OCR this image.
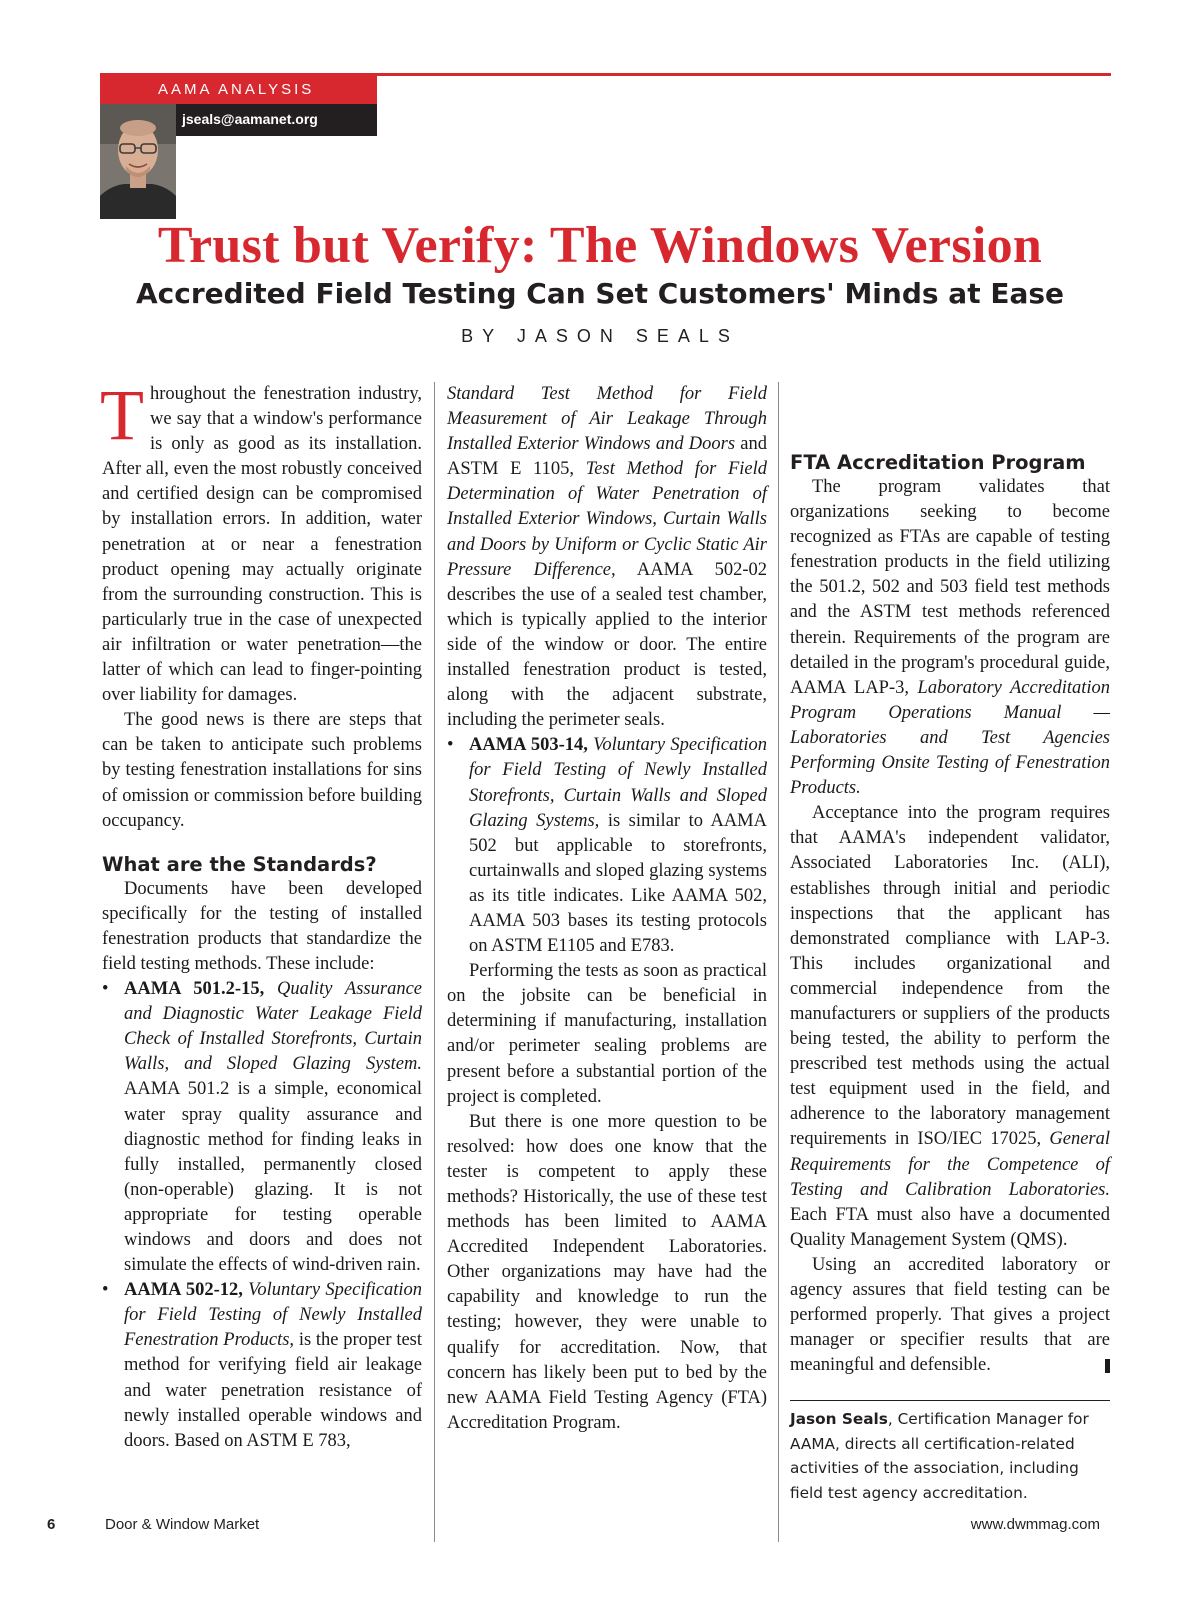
AAMA ANALYSIS
jseals@aamanet.org
Trust but Verify: The Windows Version
Accredited Field Testing Can Set Customers' Minds at Ease
BY JASON SEALS

Throughout the fenestration industry, we say that a window's performance is only as good as its installation. After all, even the most robustly conceived and certified design can be compromised by installation errors. In addition, water penetration at or near a fenestration product opening may actually originate from the surrounding construction. This is particularly true in the case of unexpected air infiltration or water penetration—the latter of which can lead to finger-pointing over liability for damages.

The good news is there are steps that can be taken to anticipate such problems by testing fenestration installations for sins of omission or commission before building occupancy.

What are the Standards?

Documents have been developed specifically for the testing of installed fenestration products that standardize the field testing methods. These include:

• AAMA 501.2-15, Quality Assurance and Diagnostic Water Leakage Field Check of Installed Storefronts, Curtain Walls, and Sloped Glazing System. AAMA 501.2 is a simple, economical water spray quality assurance and diagnostic method for finding leaks in fully installed, permanently closed (non-operable) glazing. It is not appropriate for testing operable windows and doors and does not simulate the effects of wind-driven rain.
• AAMA 502-12, Voluntary Specification for Field Testing of Newly Installed Fenestration Products, is the proper test method for verifying field air leakage and water penetration resistance of newly installed operable windows and doors. Based on ASTM E 783,
Standard Test Method for Field Measurement of Air Leakage Through Installed Exterior Windows and Doors and ASTM E 1105, Test Method for Field Determination of Water Penetration of Installed Exterior Windows, Curtain Walls and Doors by Uniform or Cyclic Static Air Pressure Difference, AAMA 502-02 describes the use of a sealed test chamber, which is typically applied to the interior side of the window or door. The entire installed fenestration product is tested, along with the adjacent substrate, including the perimeter seals.
• AAMA 503-14, Voluntary Specification for Field Testing of Newly Installed Storefronts, Curtain Walls and Sloped Glazing Systems, is similar to AAMA 502 but applicable to storefronts, curtainwalls and sloped glazing systems as its title indicates. Like AAMA 502, AAMA 503 bases its testing protocols on ASTM E1105 and E783.

Performing the tests as soon as practical on the jobsite can be beneficial in determining if manufacturing, installation and/or perimeter sealing problems are present before a substantial portion of the project is completed.

But there is one more question to be resolved: how does one know that the tester is competent to apply these methods? Historically, the use of these test methods has been limited to AAMA Accredited Independent Laboratories. Other organizations may have had the capability and knowledge to run the testing; however, they were unable to qualify for accreditation. Now, that concern has likely been put to bed by the new AAMA Field Testing Agency (FTA) Accreditation Program.

FTA Accreditation Program

The program validates that organizations seeking to become recognized as FTAs are capable of testing fenestration products in the field utilizing the 501.2, 502 and 503 field test methods and the ASTM test methods referenced therein. Requirements of the program are detailed in the program's procedural guide, AAMA LAP-3, Laboratory Accreditation Program Operations Manual — Laboratories and Test Agencies Performing Onsite Testing of Fenestration Products.

Acceptance into the program requires that AAMA's independent validator, Associated Laboratories Inc. (ALI), establishes through initial and periodic inspections that the applicant has demonstrated compliance with LAP-3. This includes organizational and commercial independence from the manufacturers or suppliers of the products being tested, the ability to perform the prescribed test methods using the actual test equipment used in the field, and adherence to the laboratory management requirements in ISO/IEC 17025, General Requirements for the Competence of Testing and Calibration Laboratories. Each FTA must also have a documented Quality Management System (QMS).

Using an accredited laboratory or agency assures that field testing can be performed properly. That gives a project manager or specifier results that are meaningful and defensible.

Jason Seals, Certification Manager for AAMA, directs all certification-related activities of the association, including field test agency accreditation.

6	Door & Window Market	www.dwmmag.com
